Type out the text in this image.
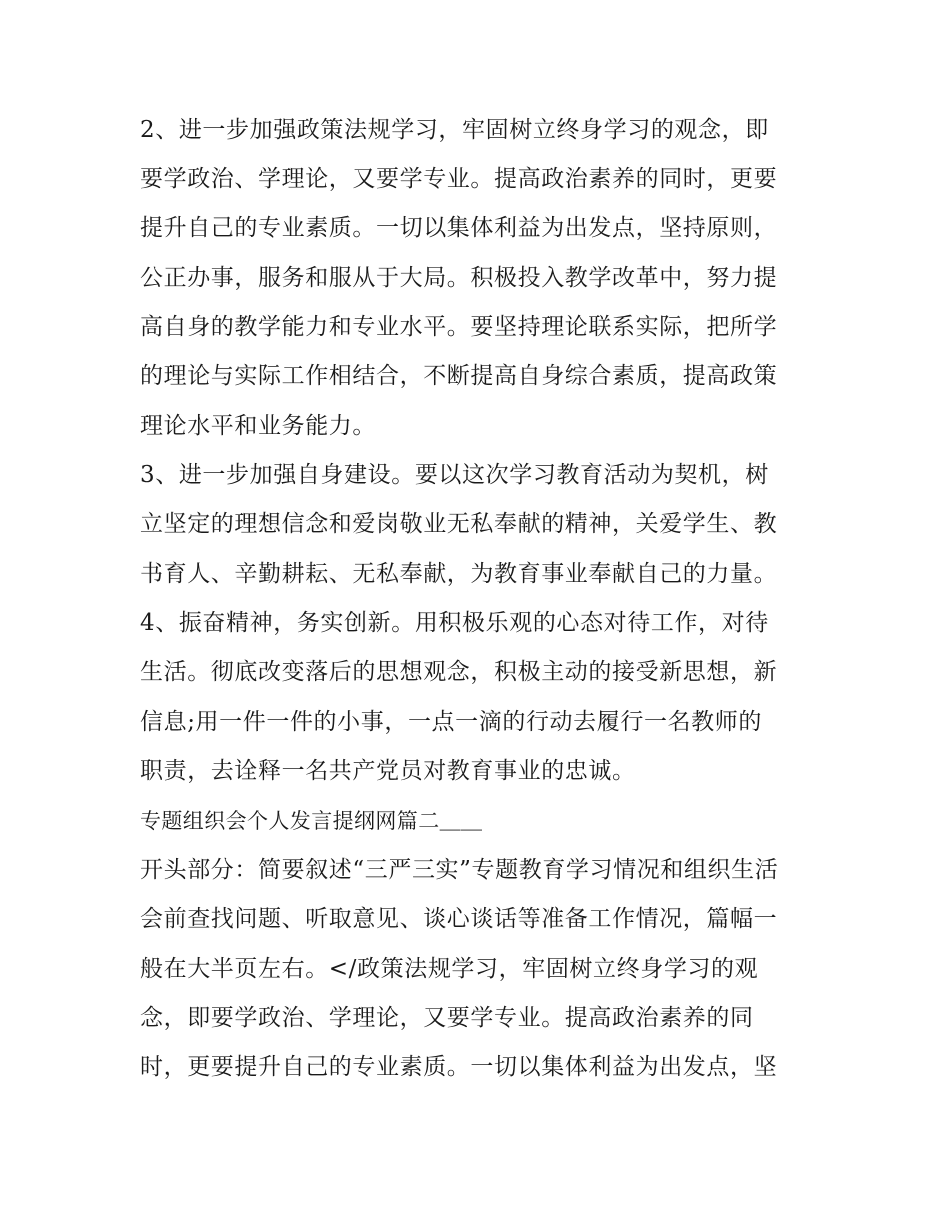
2、进一步加强政策法规学习，牢固树立终身学习的观念，即

要学政治、学理论，又要学专业。提高政治素养的同时，更要

提升自己的专业素质。一切以集体利益为出发点，坚持原则，

公正办事，服务和服从于大局。积极投入教学改革中，努力提

高自身的教学能力和专业水平。要坚持理论联系实际，把所学

的理论与实际工作相结合，不断提高自身综合素质，提高政策

理论水平和业务能力。

3、进一步加强自身建设。要以这次学习教育活动为契机，树

立坚定的理想信念和爱岗敬业无私奉献的精神，关爱学生、教

书育人、辛勤耕耘、无私奉献，为教育事业奉献自己的力量。

4、振奋精神，务实创新。用积极乐观的心态对待工作，对待

生活。彻底改变落后的思想观念，积极主动的接受新思想，新

信息;用一件一件的小事，一点一滴的行动去履行一名教师的

职责，去诠释一名共产党员对教育事业的忠诚。

专题组织会个人发言提纲网篇二＿＿

开头部分：简要叙述“三严三实”专题教育学习情况和组织生活

会前查找问题、听取意见、谈心谈话等准备工作情况，篇幅一

般在大半页左右。</政策法规学习，牢固树立终身学习的观

念，即要学政治、学理论，又要学专业。提高政治素养的同

时，更要提升自己的专业素质。一切以集体利益为出发点，坚
